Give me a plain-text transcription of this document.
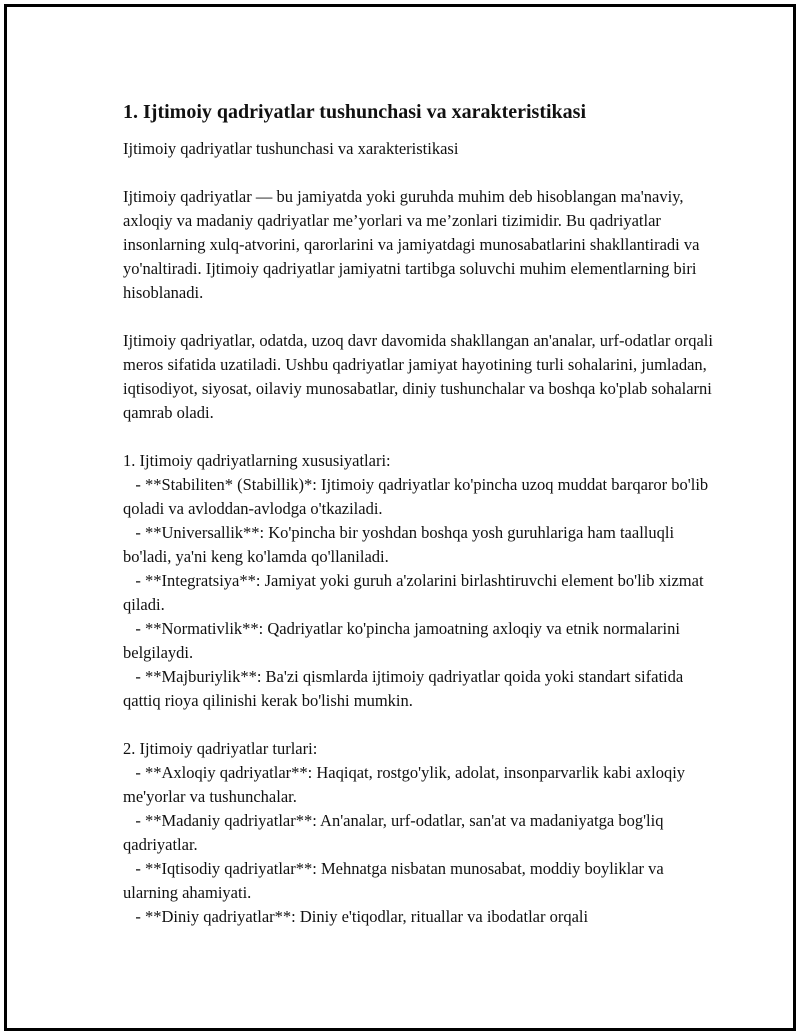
1. Ijtimoiy qadriyatlar tushunchasi va xarakteristikasi
Ijtimoiy qadriyatlar tushunchasi va xarakteristikasi
Ijtimoiy qadriyatlar — bu jamiyatda yoki guruhda muhim deb hisoblangan ma'naviy, axloqiy va madaniy qadriyatlar me’yorlari va me’zonlari tizimidir. Bu qadriyatlar insonlarning xulq-atvorini, qarorlarini va jamiyatdagi munosabatlarini shakllantiradi va yo'naltiradi. Ijtimoiy qadriyatlar jamiyatni tartibga soluvchi muhim elementlarning biri hisoblanadi.
Ijtimoiy qadriyatlar, odatda, uzoq davr davomida shakllangan an'analar, urf-odatlar orqali meros sifatida uzatiladi. Ushbu qadriyatlar jamiyat hayotining turli sohalarini, jumladan, iqtisodiyot, siyosat, oilaviy munosabatlar, diniy tushunchalar va boshqa ko'plab sohalarni qamrab oladi.
1. Ijtimoiy qadriyatlarning xususiyatlari:
- **Stabiliten* (Stabillik)*: Ijtimoiy qadriyatlar ko'pincha uzoq muddat barqaror bo'lib qoladi va avloddan-avlodga o'tkaziladi.
- **Universallik**: Ko'pincha bir yoshdan boshqa yosh guruhlariga ham taalluqli bo'ladi, ya'ni keng ko'lamda qo'llaniladi.
- **Integratsiya**: Jamiyat yoki guruh a'zolarini birlashtiruvchi element bo'lib xizmat qiladi.
- **Normativlik**: Qadriyatlar ko'pincha jamoatning axloqiy va etnik normalarini belgilaydi.
- **Majburiylik**: Ba'zi qismlarda ijtimoiy qadriyatlar qoida yoki standart sifatida qattiq rioya qilinishi kerak bo'lishi mumkin.
2. Ijtimoiy qadriyatlar turlari:
- **Axloqiy qadriyatlar**: Haqiqat, rostgo'ylik, adolat, insonparvarlik kabi axloqiy me'yorlar va tushunchalar.
- **Madaniy qadriyatlar**: An'analar, urf-odatlar, san'at va madaniyatga bog'liq qadriyatlar.
- **Iqtisodiy qadriyatlar**: Mehnatga nisbatan munosabat, moddiy boyliklar va ularning ahamiyati.
- **Diniy qadriyatlar**: Diniy e'tiqodlar, rituallar va ibodatlar orqali
